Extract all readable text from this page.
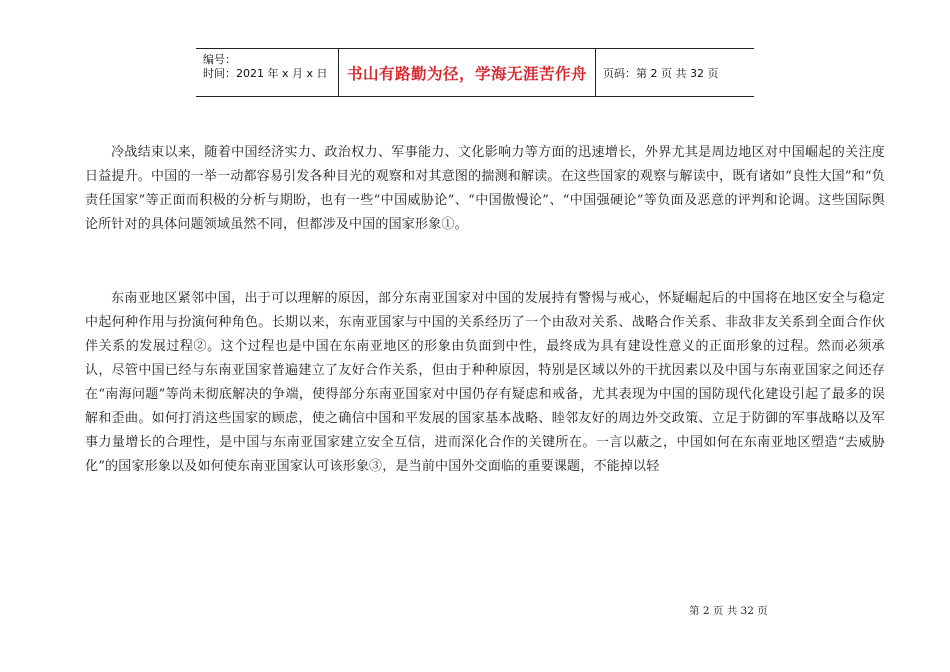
编号：
时间：2021 年 x 月 x 日	书山有路勤为径，学海无涯苦作舟	页码：第 2 页 共 32 页

冷战结束以来，随着中国经济实力、政治权力、军事能力、文化影响力等方面的迅速增长，外界尤其是周边地区对中国崛起的关注度日益提升。中国的一举一动都容易引发各种目光的观察和对其意图的揣测和解读。在这些国家的观察与解读中，既有诸如“良性大国”和“负责任国家”等正面而积极的分析与期盼，也有一些“中国威胁论”、“中国傲慢论”、“中国强硬论”等负面及恶意的评判和论调。这些国际舆论所针对的具体问题领域虽然不同，但都涉及中国的国家形象①。

东南亚地区紧邻中国，出于可以理解的原因，部分东南亚国家对中国的发展持有警惕与戒心，怀疑崛起后的中国将在地区安全与稳定中起何种作用与扮演何种角色。长期以来，东南亚国家与中国的关系经历了一个由敌对关系、战略合作关系、非敌非友关系到全面合作伙伴关系的发展过程②。这个过程也是中国在东南亚地区的形象由负面到中性，最终成为具有建设性意义的正面形象的过程。然而必须承认，尽管中国已经与东南亚国家普遍建立了友好合作关系，但由于种种原因，特别是区域以外的干扰因素以及中国与东南亚国家之间还存在“南海问题”等尚未彻底解决的争端，使得部分东南亚国家对中国仍存有疑虑和戒备，尤其表现为中国的国防现代化建设引起了最多的误解和歪曲。如何打消这些国家的顾虑，使之确信中国和平发展的国家基本战略、睦邻友好的周边外交政策、立足于防御的军事战略以及军事力量增长的合理性，是中国与东南亚国家建立安全互信，进而深化合作的关键所在。一言以蔽之，中国如何在东南亚地区塑造“去威胁化”的国家形象以及如何使东南亚国家认可该形象③，是当前中国外交面临的重要课题，不能掉以轻

第 2 页 共 32 页
